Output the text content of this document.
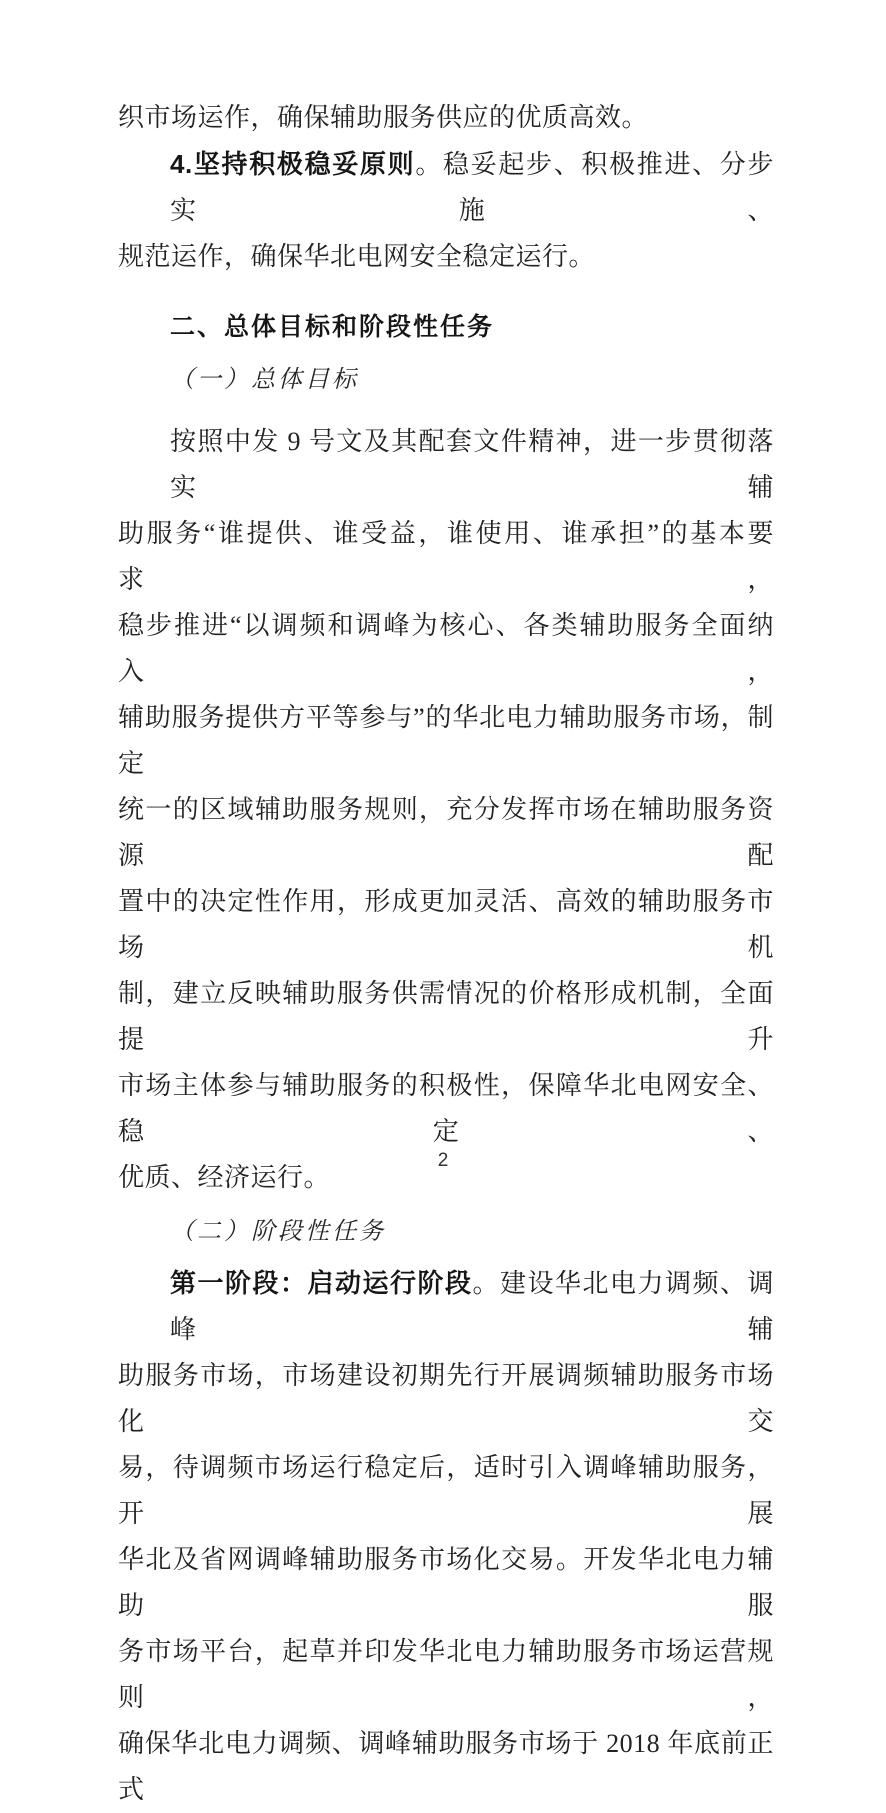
织市场运作，确保辅助服务供应的优质高效。
4.坚持积极稳妥原则。稳妥起步、积极推进、分步实施、
规范运作，确保华北电网安全稳定运行。
二、总体目标和阶段性任务
（一）总体目标
按照中发 9 号文及其配套文件精神，进一步贯彻落实辅
助服务“谁提供、谁受益，谁使用、谁承担”的基本要求，
稳步推进“以调频和调峰为核心、各类辅助服务全面纳入，
辅助服务提供方平等参与”的华北电力辅助服务市场，制定
统一的区域辅助服务规则，充分发挥市场在辅助服务资源配
置中的决定性作用，形成更加灵活、高效的辅助服务市场机
制，建立反映辅助服务供需情况的价格形成机制，全面提升
市场主体参与辅助服务的积极性，保障华北电网安全、稳定、
优质、经济运行。
（二）阶段性任务
第一阶段：启动运行阶段。建设华北电力调频、调峰辅
助服务市场，市场建设初期先行开展调频辅助服务市场化交
易，待调频市场运行稳定后，适时引入调峰辅助服务，开展
华北及省网调峰辅助服务市场化交易。开发华北电力辅助服
务市场平台，起草并印发华北电力辅助服务市场运营规则，
确保华北电力调频、调峰辅助服务市场于 2018 年底前正式
2
